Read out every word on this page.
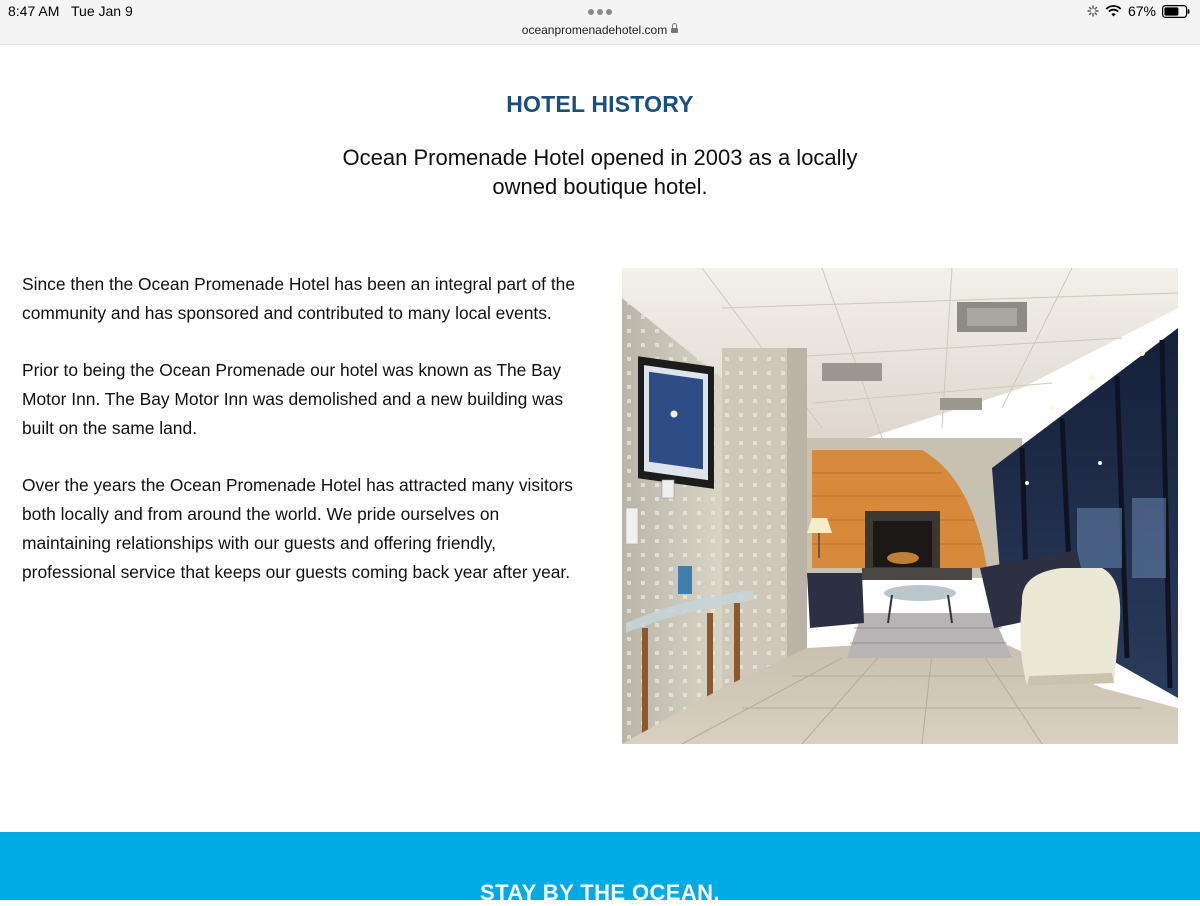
8:47 AM Tue Jan 9
oceanpromenadehotel.com
67%
HOTEL HISTORY
Ocean Promenade Hotel opened in 2003 as a locally owned boutique hotel.

Since then the Ocean Promenade Hotel has been an integral part of the community and has sponsored and contributed to many local events.

Prior to being the Ocean Promenade our hotel was known as The Bay Motor Inn. The Bay Motor Inn was demolished and a new building was built on the same land.

Over the years the Ocean Promenade Hotel has attracted many visitors both locally and from around the world. We pride ourselves on maintaining relationships with our guests and offering friendly, professional service that keeps our guests coming back year after year.

STAY BY THE OCEAN.
